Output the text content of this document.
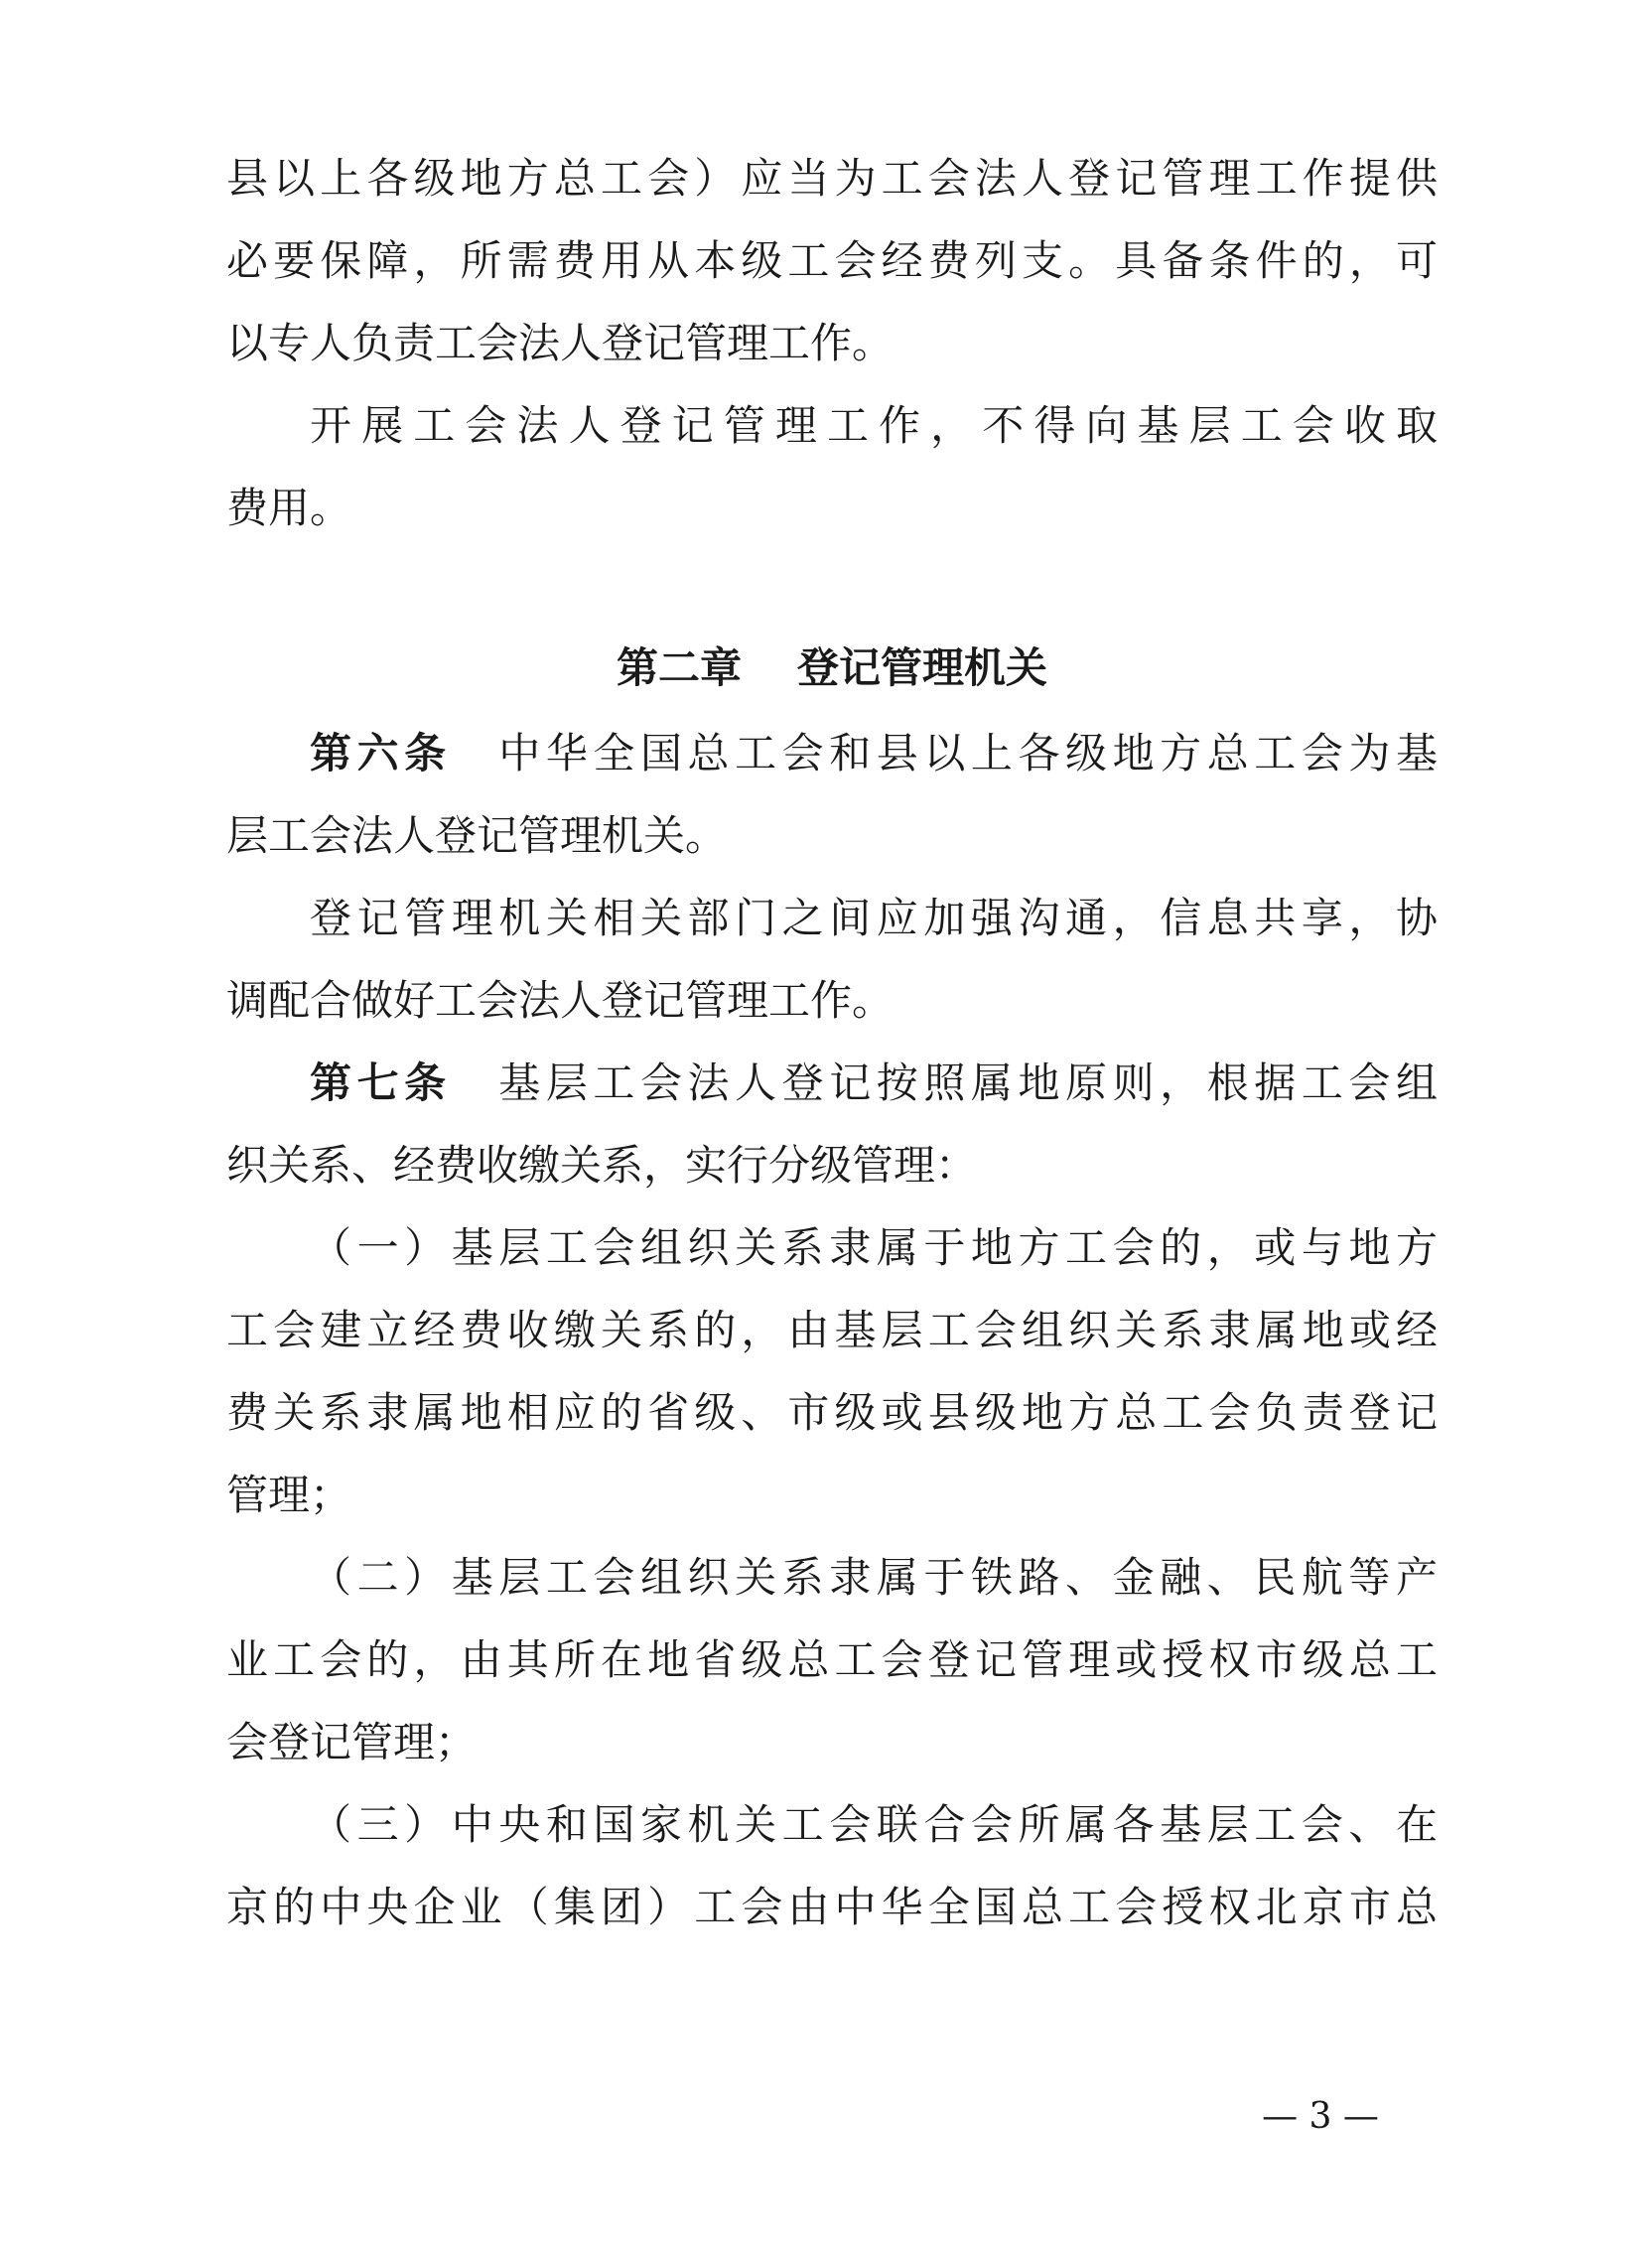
县以上各级地方总工会）应当为工会法人登记管理工作提供
必要保障，所需费用从本级工会经费列支。具备条件的，可
以专人负责工会法人登记管理工作。
开展工会法人登记管理工作，不得向基层工会收取
费用。
第二章 登记管理机关
第六条 中华全国总工会和县以上各级地方总工会为基
层工会法人登记管理机关。
登记管理机关相关部门之间应加强沟通，信息共享，协
调配合做好工会法人登记管理工作。
第七条 基层工会法人登记按照属地原则，根据工会组
织关系、经费收缴关系，实行分级管理：
（一）基层工会组织关系隶属于地方工会的，或与地方
工会建立经费收缴关系的，由基层工会组织关系隶属地或经
费关系隶属地相应的省级、市级或县级地方总工会负责登记
管理；
（二）基层工会组织关系隶属于铁路、金融、民航等产
业工会的，由其所在地省级总工会登记管理或授权市级总工
会登记管理；
（三）中央和国家机关工会联合会所属各基层工会、在
京的中央企业（集团）工会由中华全国总工会授权北京市总
— 3 —
